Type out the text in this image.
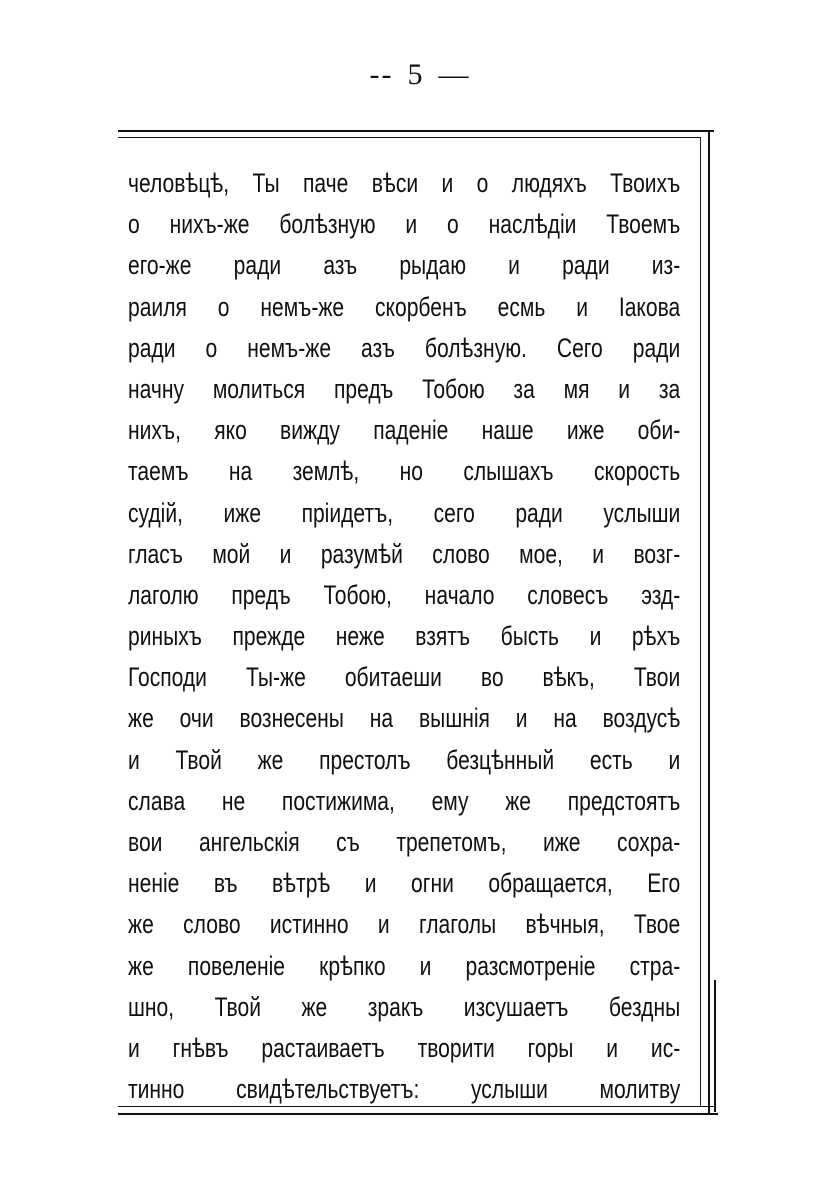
-- 5 —
человѣцѣ, Ты паче вѣси и о людяхъ Твоихъ
о нихъ-же болѣзную и о наслѣдіи Твоемъ
его-же ради азъ рыдаю и ради из-
раиля о немъ-же скорбенъ есмь и Іакова
ради о немъ-же азъ болѣзную. Сего ради
начну молиться предъ Тобою за мя и за
нихъ, яко вижду паденіе наше иже оби-
таемъ на землѣ, но слышахъ скорость
судій, иже пріидетъ, сего ради услыши
гласъ мой и разумѣй слово мое, и возг-
лаголю предъ Тобою, начало словесъ эзд-
риныхъ прежде неже взятъ бысть и рѣхъ
Господи Ты-же обитаеши во вѣкъ, Твои
же очи вознесены на вышнія и на воздусѣ
и Твой же престолъ безцѣнный есть и
слава не постижима, ему же предстоятъ
вои ангельскія съ трепетомъ, иже сохра-
неніе въ вѣтрѣ и огни обращается, Его
же слово истинно и глаголы вѣчныя, Твое
же повеленіе крѣпко и разсмотреніе стра-
шно, Твой же зракъ изсушаетъ бездны
и гнѣвъ растаиваетъ творити горы и ис-
тинно свидѣтельствуетъ: услыши молитву
